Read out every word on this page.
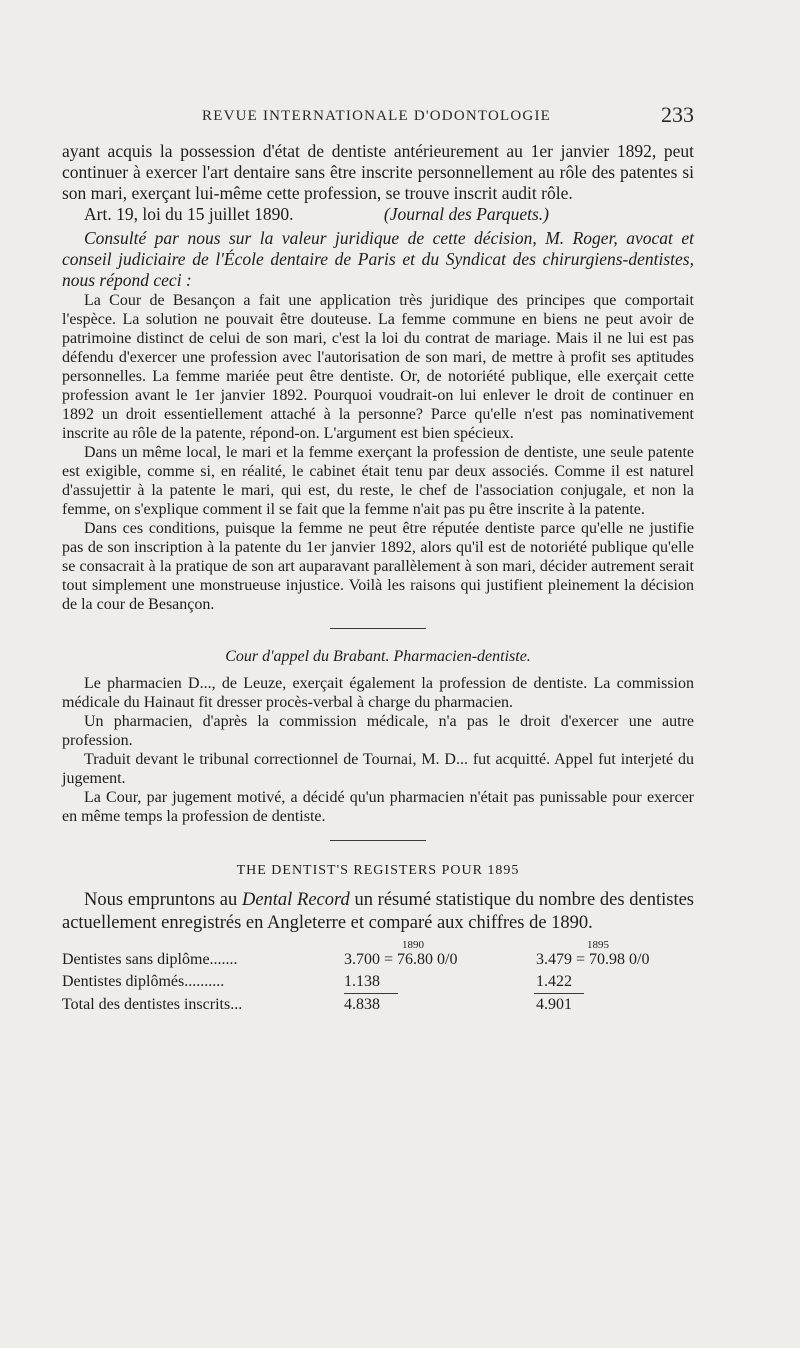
REVUE INTERNATIONALE D'ODONTOLOGIE	233

ayant acquis la possession d'état de dentiste antérieurement au 1er janvier 1892, peut continuer à exercer l'art dentaire sans être inscrite personnellement au rôle des patentes si son mari, exerçant lui-même cette profession, se trouve inscrit audit rôle.

Art. 19, loi du 15 juillet 1890.	(Journal des Parquets.)

Consulté par nous sur la valeur juridique de cette décision, M. Roger, avocat et conseil judiciaire de l'École dentaire de Paris et du Syndicat des chirurgiens-dentistes, nous répond ceci :

La Cour de Besançon a fait une application très juridique des principes que comportait l'espèce. La solution ne pouvait être douteuse. La femme commune en biens ne peut avoir de patrimoine distinct de celui de son mari, c'est la loi du contrat de mariage. Mais il ne lui est pas défendu d'exercer une profession avec l'autorisation de son mari, de mettre à profit ses aptitudes personnelles. La femme mariée peut être dentiste. Or, de notoriété publique, elle exerçait cette profession avant le 1er janvier 1892. Pourquoi voudrait-on lui enlever le droit de continuer en 1892 un droit essentiellement attaché à la personne? Parce qu'elle n'est pas nominativement inscrite au rôle de la patente, répond-on. L'argument est bien spécieux.

Dans un même local, le mari et la femme exerçant la profession de dentiste, une seule patente est exigible, comme si, en réalité, le cabinet était tenu par deux associés. Comme il est naturel d'assujettir à la patente le mari, qui est, du reste, le chef de l'association conjugale, et non la femme, on s'explique comment il se fait que la femme n'ait pas pu être inscrite à la patente.

Dans ces conditions, puisque la femme ne peut être réputée dentiste parce qu'elle ne justifie pas de son inscription à la patente du 1er janvier 1892, alors qu'il est de notoriété publique qu'elle se consacrait à la pratique de son art auparavant parallèlement à son mari, décider autrement serait tout simplement une monstrueuse injustice. Voilà les raisons qui justifient pleinement la décision de la cour de Besançon.

Cour d'appel du Brabant. Pharmacien-dentiste.

Le pharmacien D..., de Leuze, exerçait également la profession de dentiste. La commission médicale du Hainaut fit dresser procès-verbal à charge du pharmacien.

Un pharmacien, d'après la commission médicale, n'a pas le droit d'exercer une autre profession.

Traduit devant le tribunal correctionnel de Tournai, M. D... fut acquitté. Appel fut interjeté du jugement.

La Cour, par jugement motivé, a décidé qu'un pharmacien n'était pas punissable pour exercer en même temps la profession de dentiste.

THE DENTIST'S REGISTERS POUR 1895

Nous empruntons au Dental Record un résumé statistique du nombre des dentistes actuellement enregistrés en Angleterre et comparé aux chiffres de 1890.

1890	1895
Dentistes sans diplôme.......	3.700 = 76.80 0/0	3.479 = 70.98 0/0
Dentistes diplômés..........	1.138	1.422
Total des dentistes inscrits...	4.838	4.901
